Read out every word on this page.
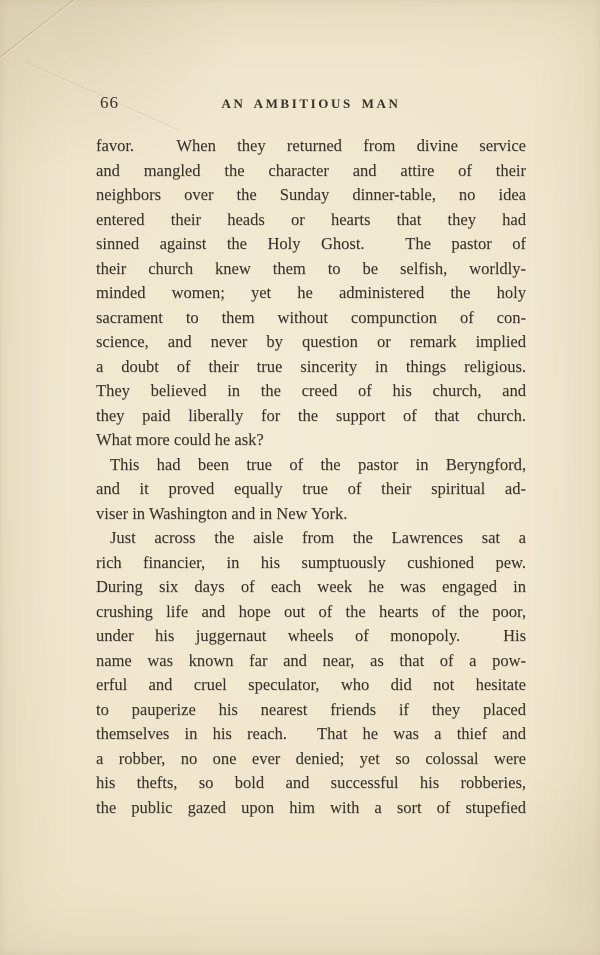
66	AN AMBITIOUS MAN
favor.  When they returned from divine service
and mangled the character and attire of their
neighbors over the Sunday dinner-table, no idea
entered their heads or hearts that they had
sinned against the Holy Ghost.  The pastor of
their church knew them to be selfish, worldly-
minded women; yet he administered the holy
sacrament to them without compunction of con-
science, and never by question or remark implied
a doubt of their true sincerity in things religious.
They believed in the creed of his church, and
they paid liberally for the support of that church.
What more could he ask?
This had been true of the pastor in Beryngford,
and it proved equally true of their spiritual ad-
viser in Washington and in New York.
Just across the aisle from the Lawrences sat a
rich financier, in his sumptuously cushioned pew.
During six days of each week he was engaged in
crushing life and hope out of the hearts of the poor,
under his juggernaut wheels of monopoly.  His
name was known far and near, as that of a pow-
erful and cruel speculator, who did not hesitate
to pauperize his nearest friends if they placed
themselves in his reach.  That he was a thief and
a robber, no one ever denied; yet so colossal were
his thefts, so bold and successful his robberies,
the public gazed upon him with a sort of stupefied
